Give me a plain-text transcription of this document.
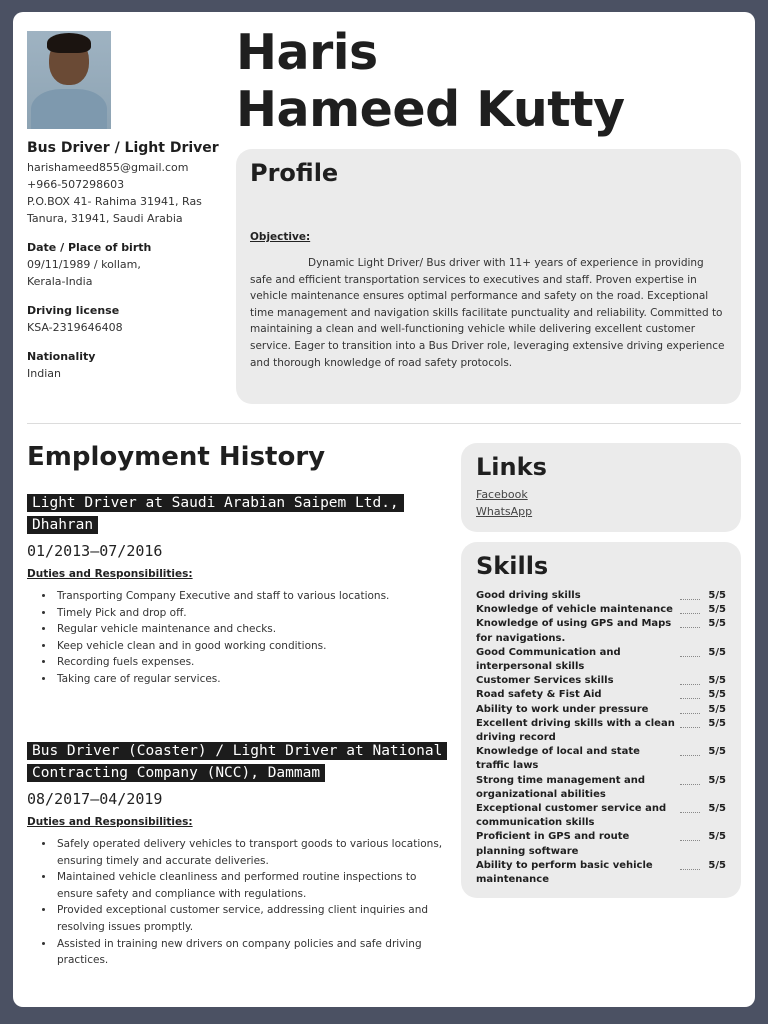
Haris
Hameed Kutty
Bus Driver / Light Driver
harishameed855@gmail.com
+966-507298603
P.O.BOX 41- Rahima 31941, Ras
Tanura, 31941, Saudi Arabia
Date / Place of birth
09/11/1989 / kollam,
Kerala-India
Driving license
KSA-2319646408
Nationality
Indian
Profile
Objective:

Dynamic Light Driver/ Bus driver with 11+ years of experience in providing safe and efficient transportation services to executives and staff. Proven expertise in vehicle maintenance ensures optimal performance and safety on the road. Exceptional time management and navigation skills facilitate punctuality and reliability. Committed to maintaining a clean and well-functioning vehicle while delivering excellent customer service. Eager to transition into a Bus Driver role, leveraging extensive driving experience and thorough knowledge of road safety protocols.

Employment History
Light Driver at Saudi Arabian Saipem Ltd., Dhahran
01/2013—07/2016
Duties and Responsibilities:
• Transporting Company Executive and staff to various locations.
• Timely Pick and drop off.
• Regular vehicle maintenance and checks.
• Keep vehicle clean and in good working conditions.
• Recording fuels expenses.
• Taking care of regular services.
Bus Driver (Coaster) / Light Driver at National Contracting Company (NCC), Dammam
08/2017—04/2019
Duties and Responsibilities:
• Safely operated delivery vehicles to transport goods to various locations, ensuring timely and accurate deliveries.
• Maintained vehicle cleanliness and performed routine inspections to ensure safety and compliance with regulations.
• Provided exceptional customer service, addressing client inquiries and resolving issues promptly.
• Assisted in training new drivers on company policies and safe driving practices.
Links
Facebook
WhatsApp
Skills
Good driving skills	5/5
Knowledge of vehicle maintenance	5/5
Knowledge of using GPS and Maps for navigations.
5/5
Good Communication and interpersonal skills
5/5
Customer Services skills	5/5
Road safety & Fist Aid	5/5
Ability to work under pressure	5/5
Excellent driving skills with a clean driving record
5/5
Knowledge of local and state traffic laws
5/5
Strong time management and organizational abilities
5/5
Exceptional customer service and communication skills
5/5
Proficient in GPS and route planning software
5/5
Ability to perform basic vehicle maintenance
5/5
